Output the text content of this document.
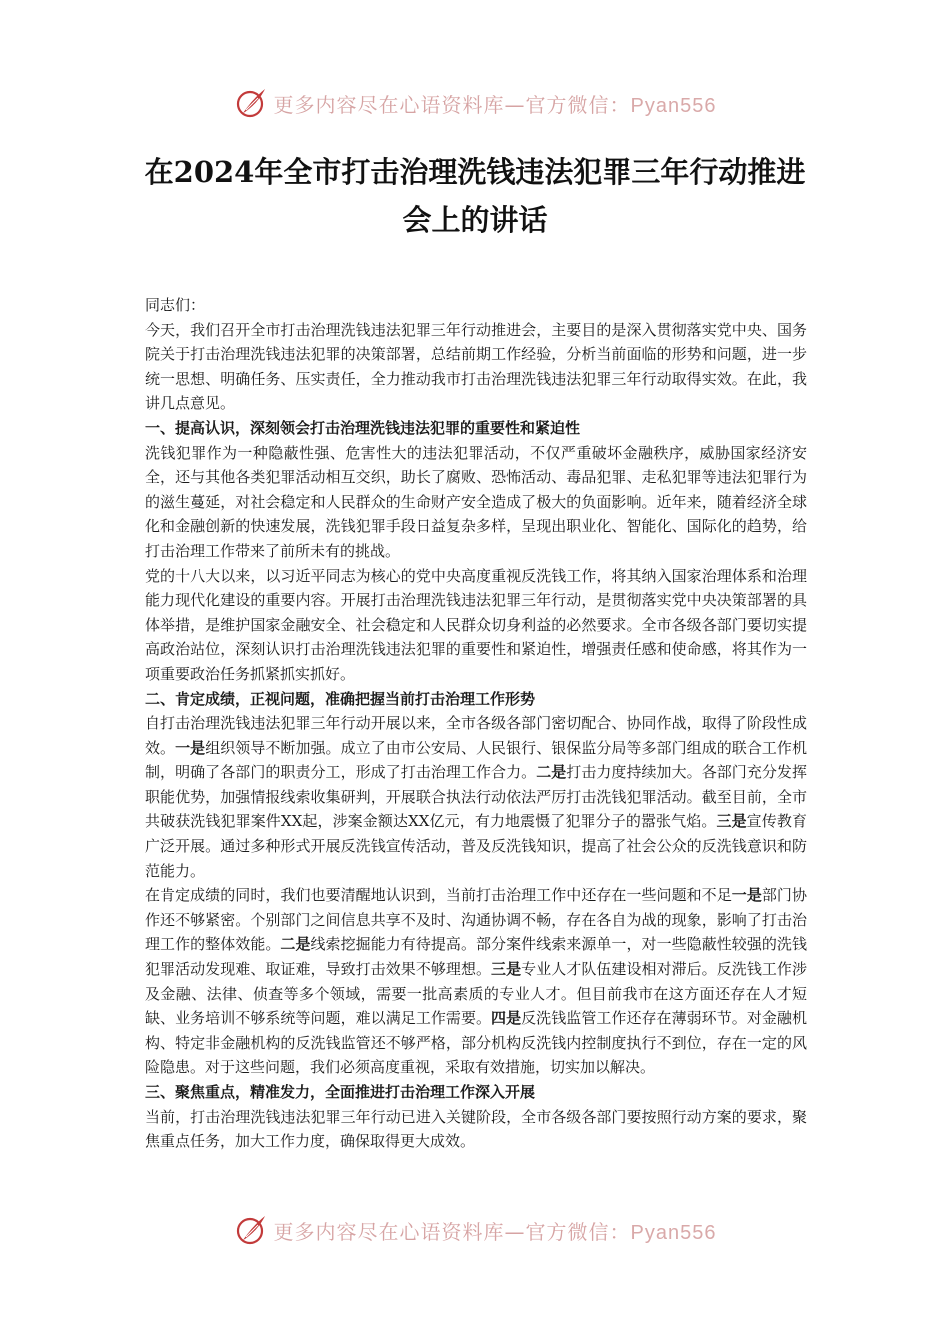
更多内容尽在心语资料库—官方微信：Pyan556
在2024年全市打击治理洗钱违法犯罪三年行动推进
会上的讲话

同志们：

今天，我们召开全市打击治理洗钱违法犯罪三年行动推进会，主要目的是深入贯彻落实党中央、国务院关于打击治理洗钱违法犯罪的决策部署，总结前期工作经验，分析当前面临的形势和问题，进一步统一思想、明确任务、压实责任，全力推动我市打击治理洗钱违法犯罪三年行动取得实效。在此，我讲几点意见。

一、提高认识，深刻领会打击治理洗钱违法犯罪的重要性和紧迫性

洗钱犯罪作为一种隐蔽性强、危害性大的违法犯罪活动，不仅严重破坏金融秩序，威胁国家经济安全，还与其他各类犯罪活动相互交织，助长了腐败、恐怖活动、毒品犯罪、走私犯罪等违法犯罪行为的滋生蔓延，对社会稳定和人民群众的生命财产安全造成了极大的负面影响。近年来，随着经济全球化和金融创新的快速发展，洗钱犯罪手段日益复杂多样，呈现出职业化、智能化、国际化的趋势，给打击治理工作带来了前所未有的挑战。

党的十八大以来，以习近平同志为核心的党中央高度重视反洗钱工作，将其纳入国家治理体系和治理能力现代化建设的重要内容。开展打击治理洗钱违法犯罪三年行动，是贯彻落实党中央决策部署的具体举措，是维护国家金融安全、社会稳定和人民群众切身利益的必然要求。全市各级各部门要切实提高政治站位，深刻认识打击治理洗钱违法犯罪的重要性和紧迫性，增强责任感和使命感，将其作为一项重要政治任务抓紧抓实抓好。

二、肯定成绩，正视问题，准确把握当前打击治理工作形势

自打击治理洗钱违法犯罪三年行动开展以来，全市各级各部门密切配合、协同作战，取得了阶段性成效。一是组织领导不断加强。成立了由市公安局、人民银行、银保监分局等多部门组成的联合工作机制，明确了各部门的职责分工，形成了打击治理工作合力。二是打击力度持续加大。各部门充分发挥职能优势，加强情报线索收集研判，开展联合执法行动依法严厉打击洗钱犯罪活动。截至目前，全市共破获洗钱犯罪案件XX起，涉案金额达XX亿元，有力地震慑了犯罪分子的嚣张气焰。三是宣传教育广泛开展。通过多种形式开展反洗钱宣传活动，普及反洗钱知识，提高了社会公众的反洗钱意识和防范能力。

在肯定成绩的同时，我们也要清醒地认识到，当前打击治理工作中还存在一些问题和不足一是部门协作还不够紧密。个别部门之间信息共享不及时、沟通协调不畅，存在各自为战的现象，影响了打击治理工作的整体效能。二是线索挖掘能力有待提高。部分案件线索来源单一，对一些隐蔽性较强的洗钱犯罪活动发现难、取证难，导致打击效果不够理想。三是专业人才队伍建设相对滞后。反洗钱工作涉及金融、法律、侦查等多个领域，需要一批高素质的专业人才。但目前我市在这方面还存在人才短缺、业务培训不够系统等问题，难以满足工作需要。四是反洗钱监管工作还存在薄弱环节。对金融机构、特定非金融机构的反洗钱监管还不够严格，部分机构反洗钱内控制度执行不到位，存在一定的风险隐患。对于这些问题，我们必须高度重视，采取有效措施，切实加以解决。

三、聚焦重点，精准发力，全面推进打击治理工作深入开展

当前，打击治理洗钱违法犯罪三年行动已进入关键阶段，全市各级各部门要按照行动方案的要求，聚焦重点任务，加大工作力度，确保取得更大成效。

更多内容尽在心语资料库—官方微信：Pyan556
